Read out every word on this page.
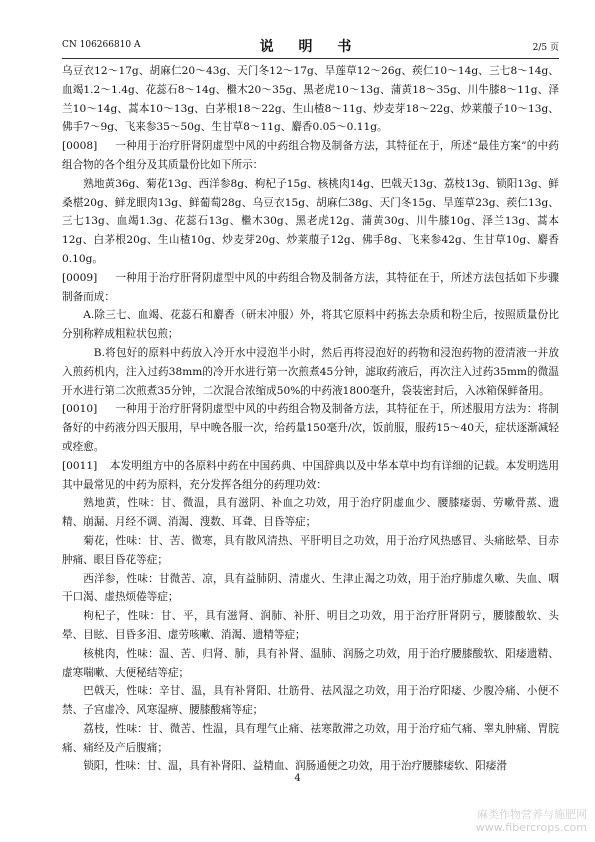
CN 106266810 A	说 明 书	2/5 页

乌豆衣12～17g、胡麻仁20～43g、天门冬12～17g、旱莲草12～26g、蒺仁10～14g、三七8～14g、血竭1.2～1.4g、花蕊石8～14g、檵木20～35g、黑老虎10～13g、蒲黄18～35g、川牛膝8～11g、泽兰10～14g、蒿本10～13g、白茅根18～22g、生山楂8～11g、炒麦芽18～22g、炒莱菔子10～13g、佛手7～9g、飞来参35～50g、生甘草8～11g、麝香0.05～0.11g。

[0008] 一种用于治疗肝肾阴虚型中风的中药组合物及制备方法，其特征在于，所述“最佳方案”的中药组合物的各个组分及其质量份比如下所示：

熟地黄36g、菊花13g、西洋参8g、枸杞子15g、核桃肉14g、巴戟天13g、荔枝13g、锁阳13g、鲜桑椹20g、鲜龙眼肉13g、鲜葡萄28g、乌豆衣15g、胡麻仁38g、天门冬15g、旱莲草23g、蒺仁13g、三七13g、血竭1.3g、花蕊石13g、檵木30g、黑老虎12g、蒲黄30g、川牛膝10g、泽兰13g、蒿本12g、白茅根20g、生山楂10g、炒麦芽20g、炒莱菔子12g、佛手8g、飞来参42g、生甘草10g、麝香0.10g。

[0009] 一种用于治疗肝肾阴虚型中风的中药组合物及制备方法，其特征在于，所述方法包括如下步骤制备而成：

A.除三七、血竭、花蕊石和麝香（研末冲服）外，将其它原料中药拣去杂质和粉尘后，按照质量份比分别称粹成粗粒状包煎；

B.将包好的原料中药放入冷开水中浸泡半小时，然后再将浸泡好的药物和浸泡药物的澄清液一并放入煎药机内，注入过药38mm的冷开水进行第一次煎煮45分钟，滤取药液后，再次注入过药35mm的微温开水进行第二次煎煮35分钟，二次混合浓缩成50%的中药液1800毫升，袋装密封后，入冰箱保鲜备用。

[0010] 一种用于治疗肝肾阴虚型中风的中药组合物及制备方法，其特征在于，所述服用方法为：将制备好的中药液分四天服用，早中晚各服一次，给药量150毫升/次，饭前服，服药15～40天，症状逐渐减轻或痊愈。

[0011] 本发明组方中的各原料中药在中国药典、中国辞典以及中华本草中均有详细的记载。本发明选用其中最常见的中药为原料，充分发挥各组分的药理功效：

熟地黄，性味：甘、微温，具有滋阴、补血之功效，用于治疗阴虚血少、腰膝痿弱、劳嗽骨蒸、遗精、崩漏、月经不调、消渴、溲数、耳聋、目昏等症；

菊花，性味：甘、苦、微寒，具有散风清热、平肝明目之功效，用于治疗风热感冒、头痛眩晕、目赤肿痛、眼目昏花等症；

西洋参，性味：甘微苦、凉，具有益肺阴、清虚火、生津止渴之功效，用于治疗肺虚久嗽、失血、咽干口渴、虚热烦倦等症；

枸杞子，性味：甘、平，具有滋肾、润肺、补肝、明目之功效，用于治疗肝肾阴亏，腰膝酸软、头晕、目眩、目昏多泪、虚劳咳嗽、消渴、遗精等症；

核桃肉，性味：温、苦、归肾、肺，具有补肾、温肺、润肠之功效，用于治疗腰膝酸软、阳痿遗精、虚寒喘嗽、大便秘结等症；

巴戟天，性味：辛甘、温，具有补肾阳、壮筋骨、祛风湿之功效，用于治疗阳痿、少腹冷痛、小便不禁、子宫虚冷、风寒湿痹、腰膝酸痛等症；

荔枝，性味：甘、微苦、性温，具有理气止痛、祛寒散滞之功效，用于治疗疝气痛、睾丸肿痛、胃脘痛、痛经及产后腹痛；

锁阳，性味：甘、温，具有补肾阳、益精血、润肠通便之功效，用于治疗腰膝痿软、阳痿滑

4
麻类作物营养与施肥网
www.fibercrops.com
